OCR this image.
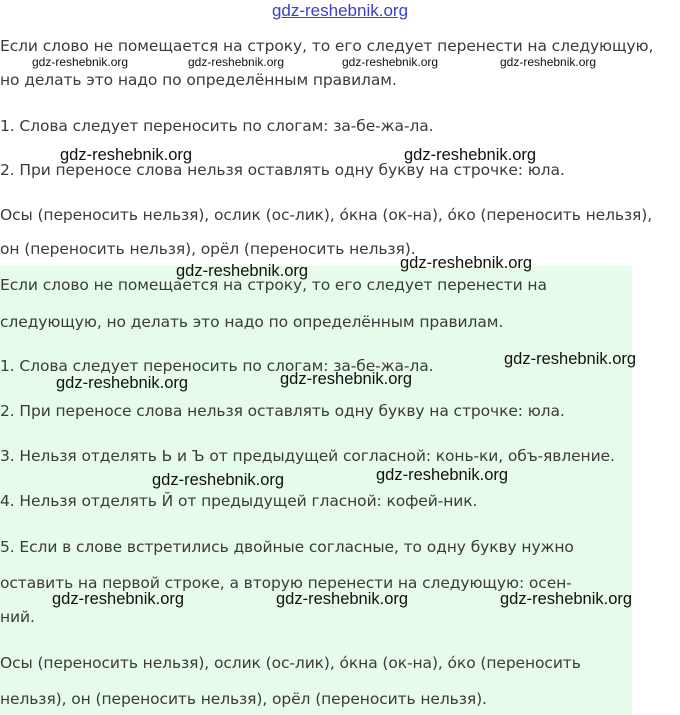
gdz-reshebnik.org
Если слово не помещается на строку, то его следует перенести на следующую,
но делать это надо по определённым правилам.
1. Слова следует переносить по слогам: за-бе-жа-ла.
2. При переносе слова нельзя оставлять одну букву на строчке: юла.
Осы (переносить нельзя), ослик (ос-лик), о́кна (ок-на), о́ко (переносить нельзя),
он (переносить нельзя), орёл (переносить нельзя).
Если слово не помещается на строку, то его следует перенести на
следующую, но делать это надо по определённым правилам.
1. Слова следует переносить по слогам: за-бе-жа-ла.
2. При переносе слова нельзя оставлять одну букву на строчке: юла.
3. Нельзя отделять Ь и Ъ от предыдущей согласной: конь-ки, объ-явление.
4. Нельзя отделять Й от предыдущей гласной: кофей-ник.
5. Если в слове встретились двойные согласные, то одну букву нужно
оставить на первой строке, а вторую перенести на следующую: осен-
ний.
Осы (переносить нельзя), ослик (ос-лик), о́кна (ок-на), о́ко (переносить
нельзя), он (переносить нельзя), орёл (переносить нельзя).
gdz-reshebnik.org	gdz-reshebnik.org	gdz-reshebnik.org	gdz-reshebnik.org
gdz-reshebnik.org	gdz-reshebnik.org
gdz-reshebnik.org	gdz-reshebnik.org
gdz-reshebnik.org
gdz-reshebnik.org	gdz-reshebnik.org
gdz-reshebnik.org	gdz-reshebnik.org
gdz-reshebnik.org	gdz-reshebnik.org	gdz-reshebnik.org
